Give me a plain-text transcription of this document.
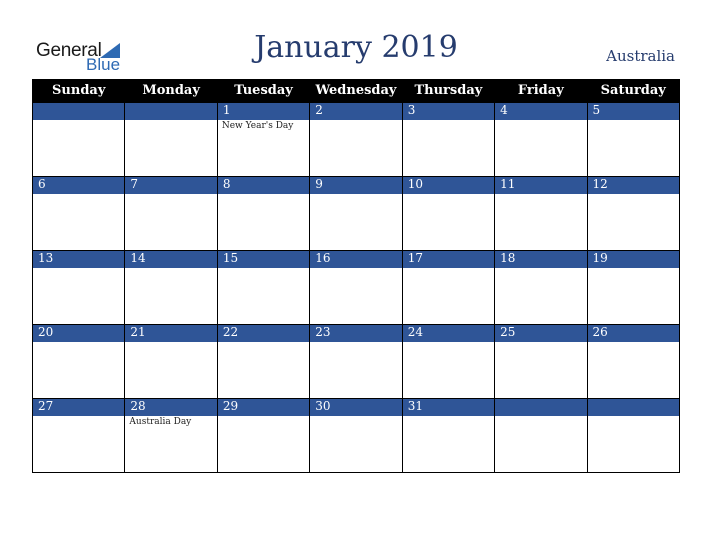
General
Blue	January 2019	Australia
Sunday	Monday	Tuesday	Wednesday	Thursday	Friday	Saturday
		1	2	3	4	5

		New Year's Day				

6	7	8	9	10	11	12

13	14	15	16	17	18	19

20	21	22	23	24	25	26

27	28	29	30	31		

	Australia Day					
